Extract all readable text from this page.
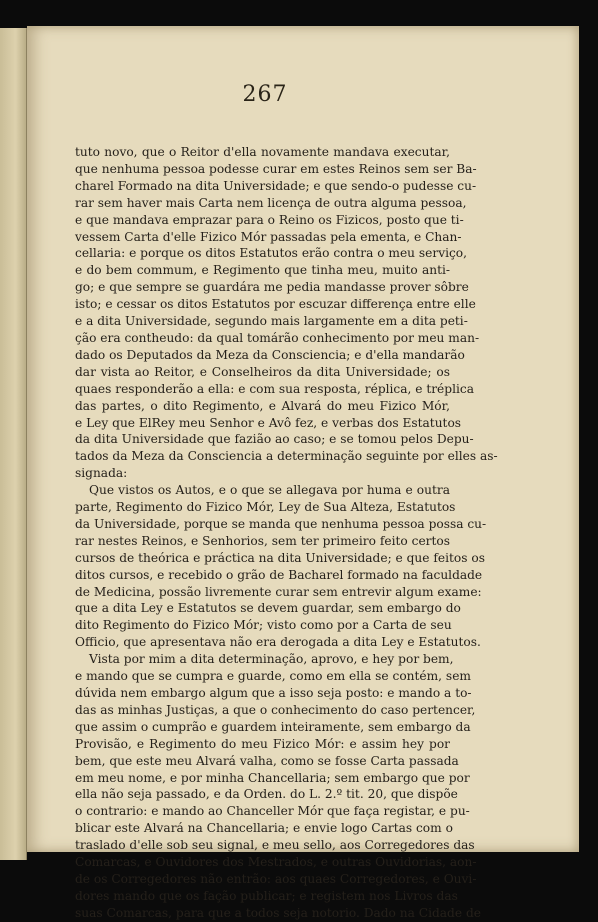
267

tuto novo, que o Reitor d'ella novamente mandava executar,
que nenhuma pessoa podesse curar em estes Reinos sem ser Ba-
charel Formado na dita Universidade; e que sendo-o pudesse cu-
rar sem haver mais Carta nem licença de outra alguma pessoa,
e que mandava emprazar para o Reino os Fizicos, posto que ti-
vessem Carta d'elle Fizico Mór passadas pela ementa, e Chan-
cellaria: e porque os ditos Estatutos erão contra o meu serviço,
e do bem commum, e Regimento que tinha meu, muito anti-
go; e que sempre se guardára me pedia mandasse prover sôbre
isto; e cessar os ditos Estatutos por escuzar differença entre elle
e a dita Universidade, segundo mais largamente em a dita peti-
ção era contheudo: da qual tomárão conhecimento por meu man-
dado os Deputados da Meza da Consciencia; e d'ella mandarão
dar vista ao Reitor, e Conselheiros da dita Universidade; os
quaes responderão a ella: e com sua resposta, réplica, e tréplica
das partes, o dito Regimento, e Alvará do meu Fizico Mór,
e Ley que ElRey meu Senhor e Avô fez, e verbas dos Estatutos
da dita Universidade que fazião ao caso; e se tomou pelos Depu-
tados da Meza da Consciencia a determinação seguinte por elles as-
signada:

Que vistos os Autos, e o que se allegava por huma e outra
parte, Regimento do Fizico Mór, Ley de Sua Alteza, Estatutos
da Universidade, porque se manda que nenhuma pessoa possa cu-
rar nestes Reinos, e Senhorios, sem ter primeiro feito certos
cursos de theórica e práctica na dita Universidade; e que feitos os
ditos cursos, e recebido o grão de Bacharel formado na faculdade
de Medicina, possão livremente curar sem entrevir algum exame:
que a dita Ley e Estatutos se devem guardar, sem embargo do
dito Regimento do Fizico Mór; visto como por a Carta de seu
Officio, que apresentava não era derogada a dita Ley e Estatutos.

Vista por mim a dita determinação, aprovo, e hey por bem,
e mando que se cumpra e guarde, como em ella se contém, sem
dúvida nem embargo algum que a isso seja posto: e mando a to-
das as minhas Justiças, a que o conhecimento do caso pertencer,
que assim o cumprão e guardem inteiramente, sem embargo da
Provisão, e Regimento do meu Fizico Mór: e assim hey por
bem, que este meu Alvará valha, como se fosse Carta passada
em meu nome, e por minha Chancellaria; sem embargo que por
ella não seja passado, e da Orden. do L. 2.º tit. 20, que dispõe
o contrario: e mando ao Chanceller Mór que faça registar, e pu-
blicar este Alvará na Chancellaria; e envie logo Cartas com o
traslado d'elle sob seu signal, e meu sello, aos Corregedores das
Comarcas, e Ouvidores dos Mestrados, e outras Ouvidorias, aon-
de os Corregedores não entrão: aos quaes Corregedores, e Ouvi-
dores mando que os fação publicar; e registem nos Livros das
suas Comarcas, para que a todos seja notorio. Dado na Cidade de
